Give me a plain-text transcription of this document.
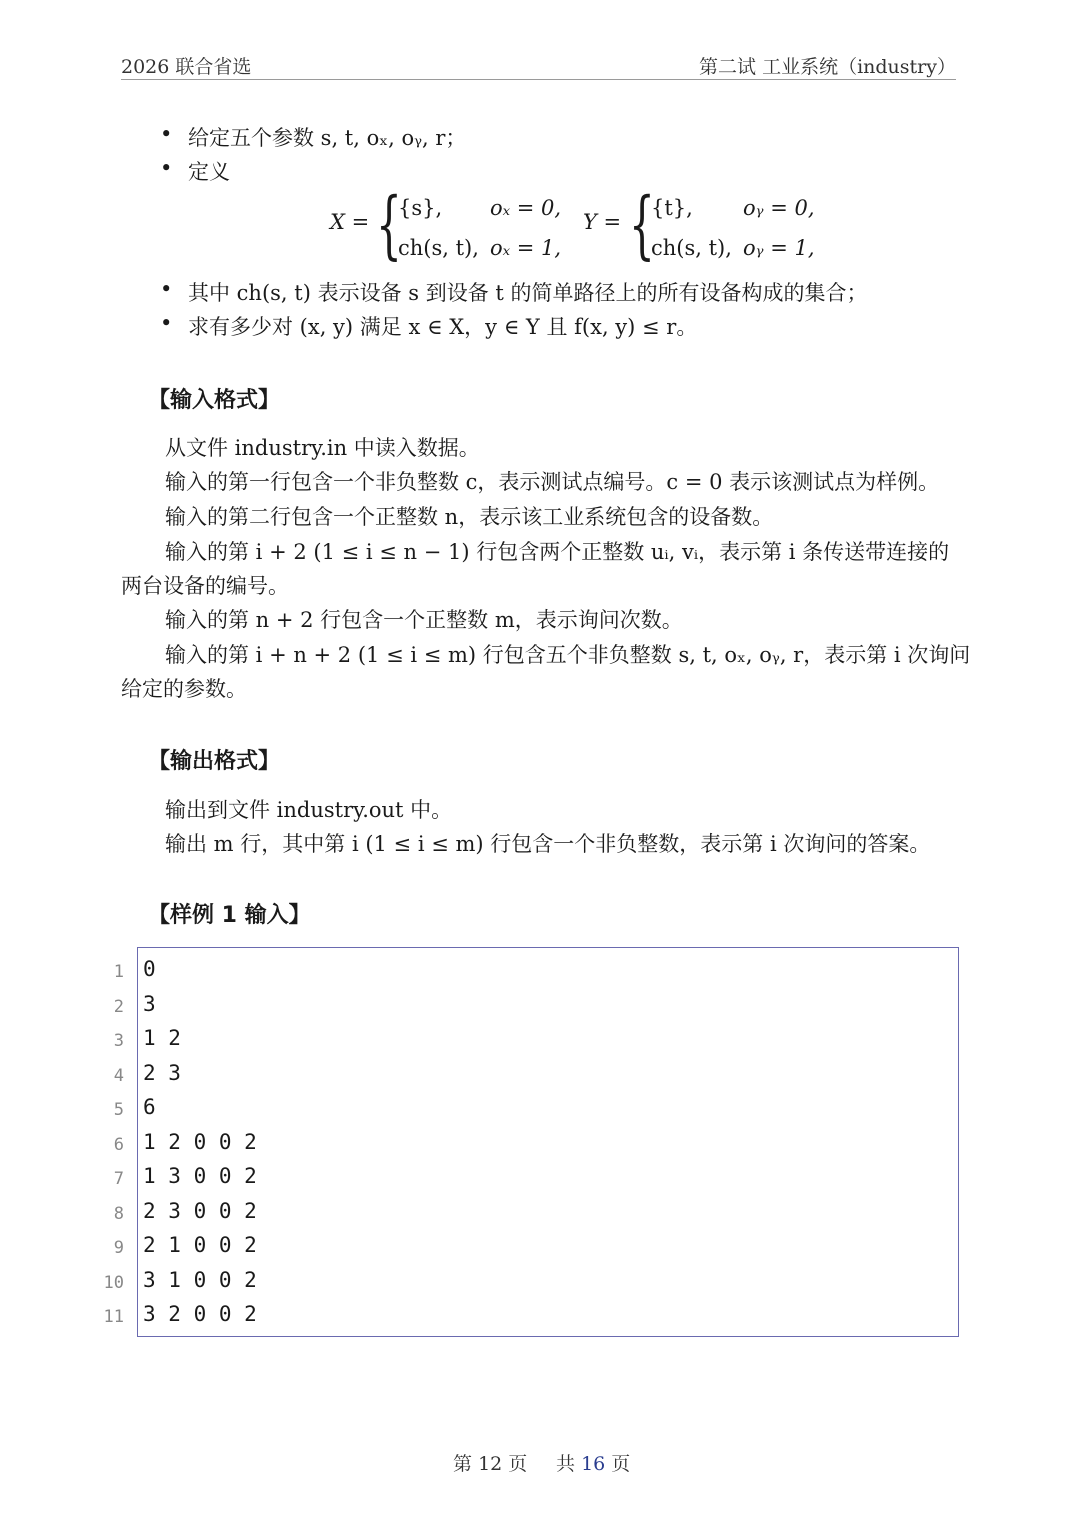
2026 联合省选	第二试 工业系统（industry）
• 给定五个参数 s, t, oₓ, oᵧ, r；
• 定义
X = {
{s}, oₓ = 0,
ch(s, t), oₓ = 1,
Y = {
{t}, oᵧ = 0,
ch(s, t), oᵧ = 1,
• 其中 ch(s, t) 表示设备 s 到设备 t 的简单路径上的所有设备构成的集合；
• 求有多少对 (x, y) 满足 x ∈ X，y ∈ Y 且 f(x, y) ≤ r。
【输入格式】
从文件 industry.in 中读入数据。
输入的第一行包含一个非负整数 c，表示测试点编号。c = 0 表示该测试点为样例。
输入的第二行包含一个正整数 n，表示该工业系统包含的设备数。
输入的第 i + 2 (1 ≤ i ≤ n − 1) 行包含两个正整数 uᵢ, vᵢ，表示第 i 条传送带连接的
两台设备的编号。
输入的第 n + 2 行包含一个正整数 m，表示询问次数。
输入的第 i + n + 2 (1 ≤ i ≤ m) 行包含五个非负整数 s, t, oₓ, oᵧ, r，表示第 i 次询问
给定的参数。
【输出格式】
输出到文件 industry.out 中。
输出 m 行，其中第 i (1 ≤ i ≤ m) 行包含一个非负整数，表示第 i 次询问的答案。
【样例 1 输入】
1 0
2 3
3 1 2
4 2 3
5 6
6 1 2 0 0 2
7 1 3 0 0 2
8 2 3 0 0 2
9 2 1 0 0 2
10 3 1 0 0 2
11 3 2 0 0 2
第 12 页 共 16 页
